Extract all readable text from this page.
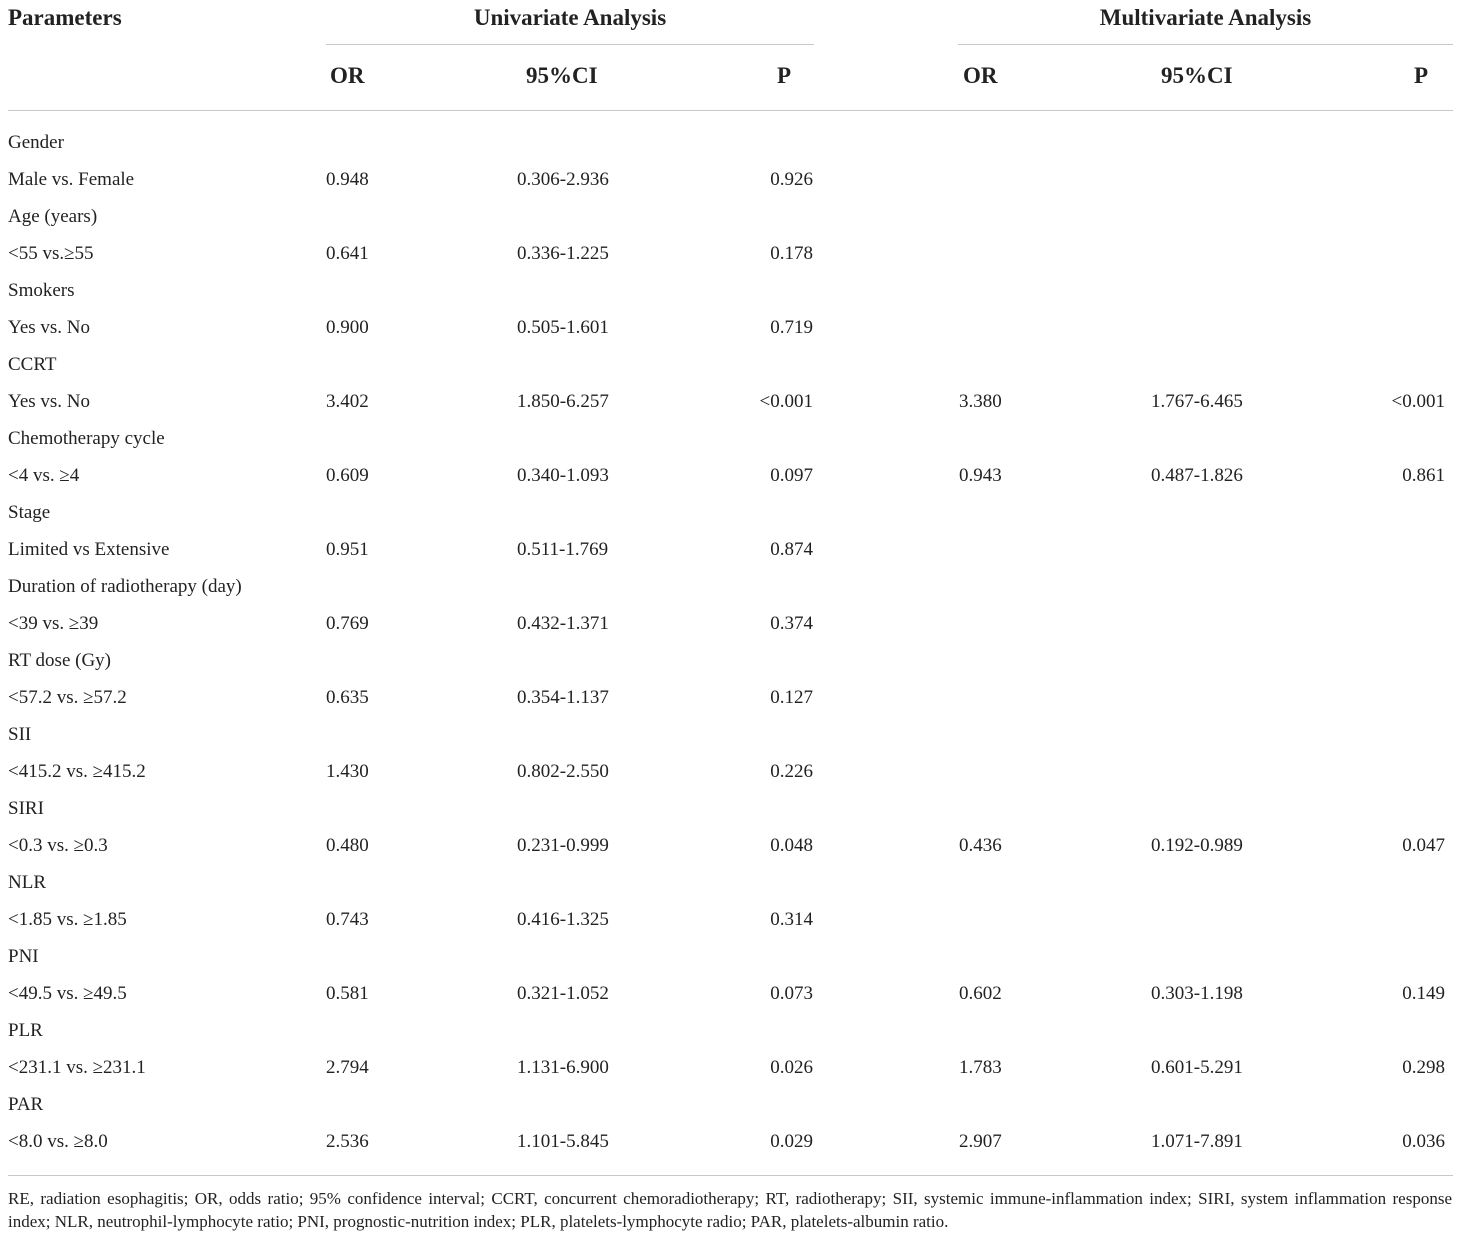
Parameters	Univariate Analysis	Multivariate Analysis
OR	95%CI	P	OR	95%CI	P
Gender
Male vs. Female	0.948	0.306-2.936	0.926
Age (years)
<55 vs.≥55	0.641	0.336-1.225	0.178
Smokers
Yes vs. No	0.900	0.505-1.601	0.719
CCRT
Yes vs. No	3.402	1.850-6.257	<0.001	3.380	1.767-6.465	<0.001
Chemotherapy cycle
<4 vs. ≥4	0.609	0.340-1.093	0.097	0.943	0.487-1.826	0.861
Stage
Limited vs Extensive	0.951	0.511-1.769	0.874
Duration of radiotherapy (day)
<39 vs. ≥39	0.769	0.432-1.371	0.374
RT dose (Gy)
<57.2 vs. ≥57.2	0.635	0.354-1.137	0.127
SII
<415.2 vs. ≥415.2	1.430	0.802-2.550	0.226
SIRI
<0.3 vs. ≥0.3	0.480	0.231-0.999	0.048	0.436	0.192-0.989	0.047
NLR
<1.85 vs. ≥1.85	0.743	0.416-1.325	0.314
PNI
<49.5 vs. ≥49.5	0.581	0.321-1.052	0.073	0.602	0.303-1.198	0.149
PLR
<231.1 vs. ≥231.1	2.794	1.131-6.900	0.026	1.783	0.601-5.291	0.298
PAR
<8.0 vs. ≥8.0	2.536	1.101-5.845	0.029	2.907	1.071-7.891	0.036
RE, radiation esophagitis; OR, odds ratio; 95% confidence interval; CCRT, concurrent chemoradiotherapy; RT, radiotherapy; SII, systemic immune-inflammation index; SIRI, system inflammation response index; NLR, neutrophil-lymphocyte ratio; PNI, prognostic-nutrition index; PLR, platelets-lymphocyte radio; PAR, platelets-albumin ratio.
